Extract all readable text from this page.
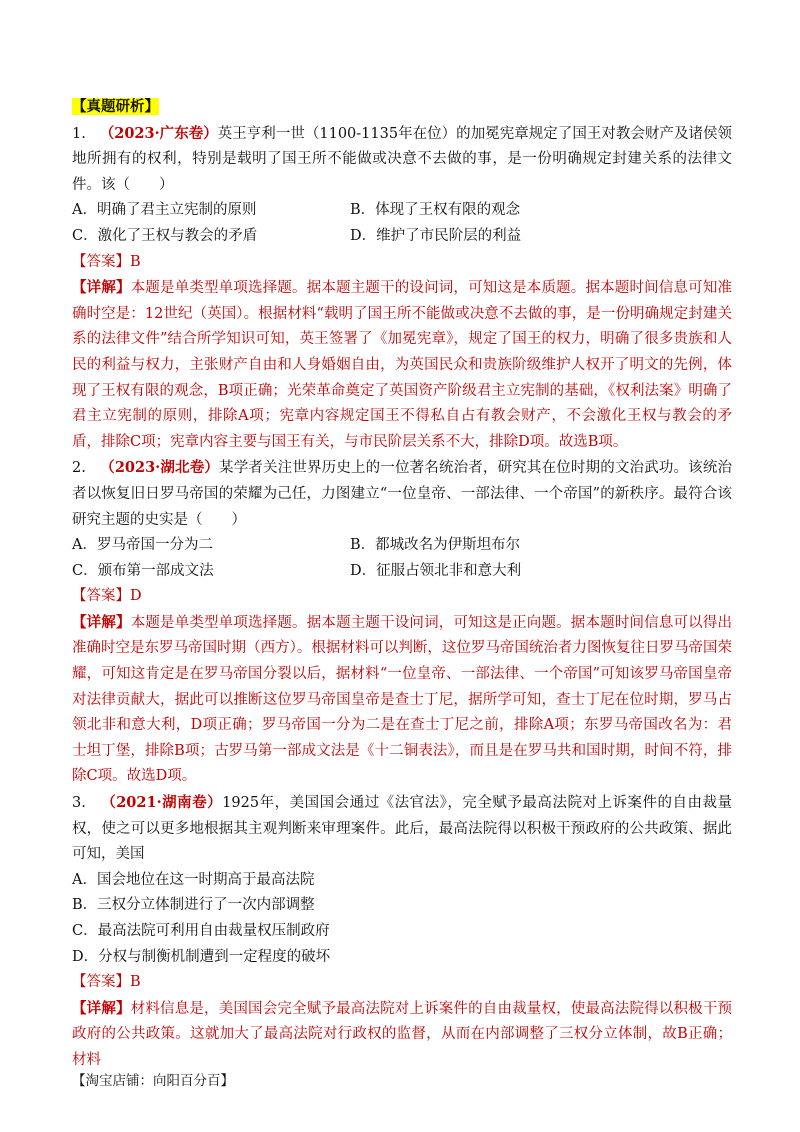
【真题研析】
1. （2023·广东卷）英王亨利一世（1100-1135年在位）的加冕宪章规定了国王对教会财产及诸侯领地所拥有的权利，特别是载明了国王所不能做或决意不去做的事，是一份明确规定封建关系的法律文件。该（　　）
A．明确了君主立宪制的原则	B．体现了王权有限的观念
C．激化了王权与教会的矛盾	D．维护了市民阶层的利益
【答案】B
【详解】本题是单类型单项选择题。据本题主题干的设问词，可知这是本质题。据本题时间信息可知准确时空是：12世纪（英国）。根据材料“载明了国王所不能做或决意不去做的事，是一份明确规定封建关系的法律文件”结合所学知识可知，英王签署了《加冕宪章》，规定了国王的权力，明确了很多贵族和人民的利益与权力，主张财产自由和人身婚姻自由，为英国民众和贵族阶级维护人权开了明文的先例，体现了王权有限的观念，B项正确；光荣革命奠定了英国资产阶级君主立宪制的基础，《权利法案》明确了君主立宪制的原则，排除A项；宪章内容规定国王不得私自占有教会财产，不会激化王权与教会的矛盾，排除C项；宪章内容主要与国王有关，与市民阶层关系不大，排除D项。故选B项。
2. （2023·湖北卷）某学者关注世界历史上的一位著名统治者，研究其在位时期的文治武功。该统治者以恢复旧日罗马帝国的荣耀为己任，力图建立“一位皇帝、一部法律、一个帝国”的新秩序。最符合该研究主题的史实是（　　）
A．罗马帝国一分为二	B．都城改名为伊斯坦布尔
C．颁布第一部成文法	D．征服占领北非和意大利
【答案】D
【详解】本题是单类型单项选择题。据本题主题干设问词，可知这是正向题。据本题时间信息可以得出准确时空是东罗马帝国时期（西方）。根据材料可以判断，这位罗马帝国统治者力图恢复往日罗马帝国荣耀，可知这肯定是在罗马帝国分裂以后，据材料“一位皇帝、一部法律、一个帝国”可知该罗马帝国皇帝对法律贡献大，据此可以推断这位罗马帝国皇帝是查士丁尼，据所学可知，查士丁尼在位时期，罗马占领北非和意大利，D项正确；罗马帝国一分为二是在查士丁尼之前，排除A项；东罗马帝国改名为：君士坦丁堡，排除B项；古罗马第一部成文法是《十二铜表法》，而且是在罗马共和国时期，时间不符，排除C项。故选D项。
3. （2021·湖南卷）1925年，美国国会通过《法官法》，完全赋予最高法院对上诉案件的自由裁量权，使之可以更多地根据其主观判断来审理案件。此后，最高法院得以积极干预政府的公共政策、据此可知，美国
A．国会地位在这一时期高于最高法院
B．三权分立体制进行了一次内部调整
C．最高法院可利用自由裁量权压制政府
D．分权与制衡机制遭到一定程度的破坏
【答案】B
【详解】材料信息是，美国国会完全赋予最高法院对上诉案件的自由裁量权，使最高法院得以积极干预政府的公共政策。这就加大了最高法院对行政权的监督，从而在内部调整了三权分立体制，故B正确；材料
【淘宝店铺：向阳百分百】
